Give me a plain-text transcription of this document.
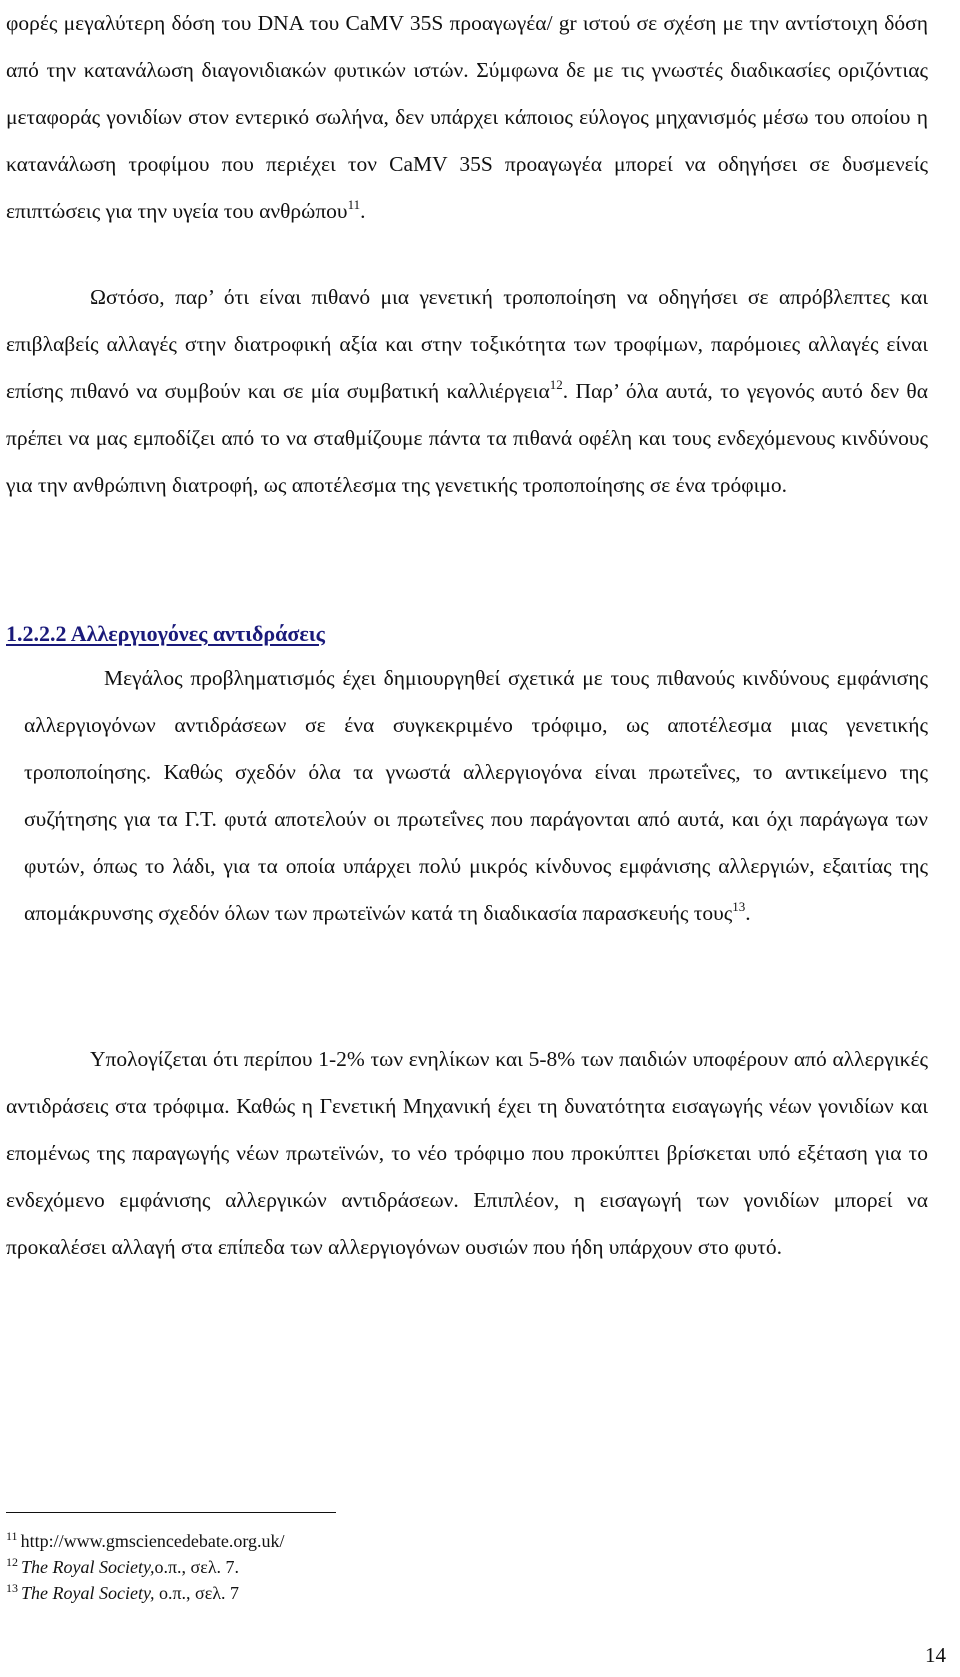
φορές μεγαλύτερη δόση του DNA του CaMV 35S προαγωγέα/ gr ιστού σε σχέση με την αντίστοιχη δόση από την κατανάλωση διαγονιδιακών φυτικών ιστών. Σύμφωνα δε με τις γνωστές διαδικασίες οριζόντιας μεταφοράς γονιδίων στον εντερικό σωλήνα, δεν υπάρχει κάποιος εύλογος μηχανισμός μέσω του οποίου η κατανάλωση τροφίμου που περιέχει τον CaMV 35S προαγωγέα μπορεί να οδηγήσει σε δυσμενείς επιπτώσεις για την υγεία του ανθρώπου$^{11}$.

Ωστόσο, παρ’ ότι είναι πιθανό μια γενετική τροποποίηση να οδηγήσει σε απρόβλεπτες και επιβλαβείς αλλαγές στην διατροφική αξία και στην τοξικότητα των τροφίμων, παρόμοιες αλλαγές είναι επίσης πιθανό να συμβούν και σε μία συμβατική καλλιέργεια$^{12}$. Παρ’ όλα αυτά, το γεγονός αυτό δεν θα πρέπει να μας εμποδίζει από το να σταθμίζουμε πάντα τα πιθανά οφέλη και τους ενδεχόμενους κινδύνους για την ανθρώπινη διατροφή, ως αποτέλεσμα της γενετικής τροποποίησης σε ένα τρόφιμο.

1.2.2.2 Αλλεργιογόνες αντιδράσεις

Μεγάλος προβληματισμός έχει δημιουργηθεί σχετικά με τους πιθανούς κινδύνους εμφάνισης αλλεργιογόνων αντιδράσεων σε ένα συγκεκριμένο τρόφιμο, ως αποτέλεσμα μιας γενετικής τροποποίησης. Καθώς σχεδόν όλα τα γνωστά αλλεργιογόνα είναι πρωτεΐνες, το αντικείμενο της συζήτησης για τα Γ.Τ. φυτά αποτελούν οι πρωτεΐνες που παράγονται από αυτά, και όχι παράγωγα των φυτών, όπως το λάδι, για τα οποία υπάρχει πολύ μικρός κίνδυνος εμφάνισης αλλεργιών, εξαιτίας της απομάκρυνσης σχεδόν όλων των πρωτεϊνών κατά τη διαδικασία παρασκευής τους$^{13}$.

Υπολογίζεται ότι περίπου 1-2% των ενηλίκων και 5-8% των παιδιών υποφέρουν από αλλεργικές αντιδράσεις στα τρόφιμα. Καθώς η Γενετική Μηχανική έχει τη δυνατότητα εισαγωγής νέων γονιδίων και επομένως της παραγωγής νέων πρωτεϊνών, το νέο τρόφιμο που προκύπτει βρίσκεται υπό εξέταση για το ενδεχόμενο εμφάνισης αλλεργικών αντιδράσεων. Επιπλέον, η εισαγωγή των γονιδίων μπορεί να προκαλέσει αλλαγή στα επίπεδα των αλλεργιογόνων ουσιών που ήδη υπάρχουν στο φυτό.

$^{11}$ http://www.gmsciencedebate.org.uk/
$^{12}$ The Royal Society,ο.π., σελ. 7.
$^{13}$ The Royal Society, ο.π., σελ. 7
14
